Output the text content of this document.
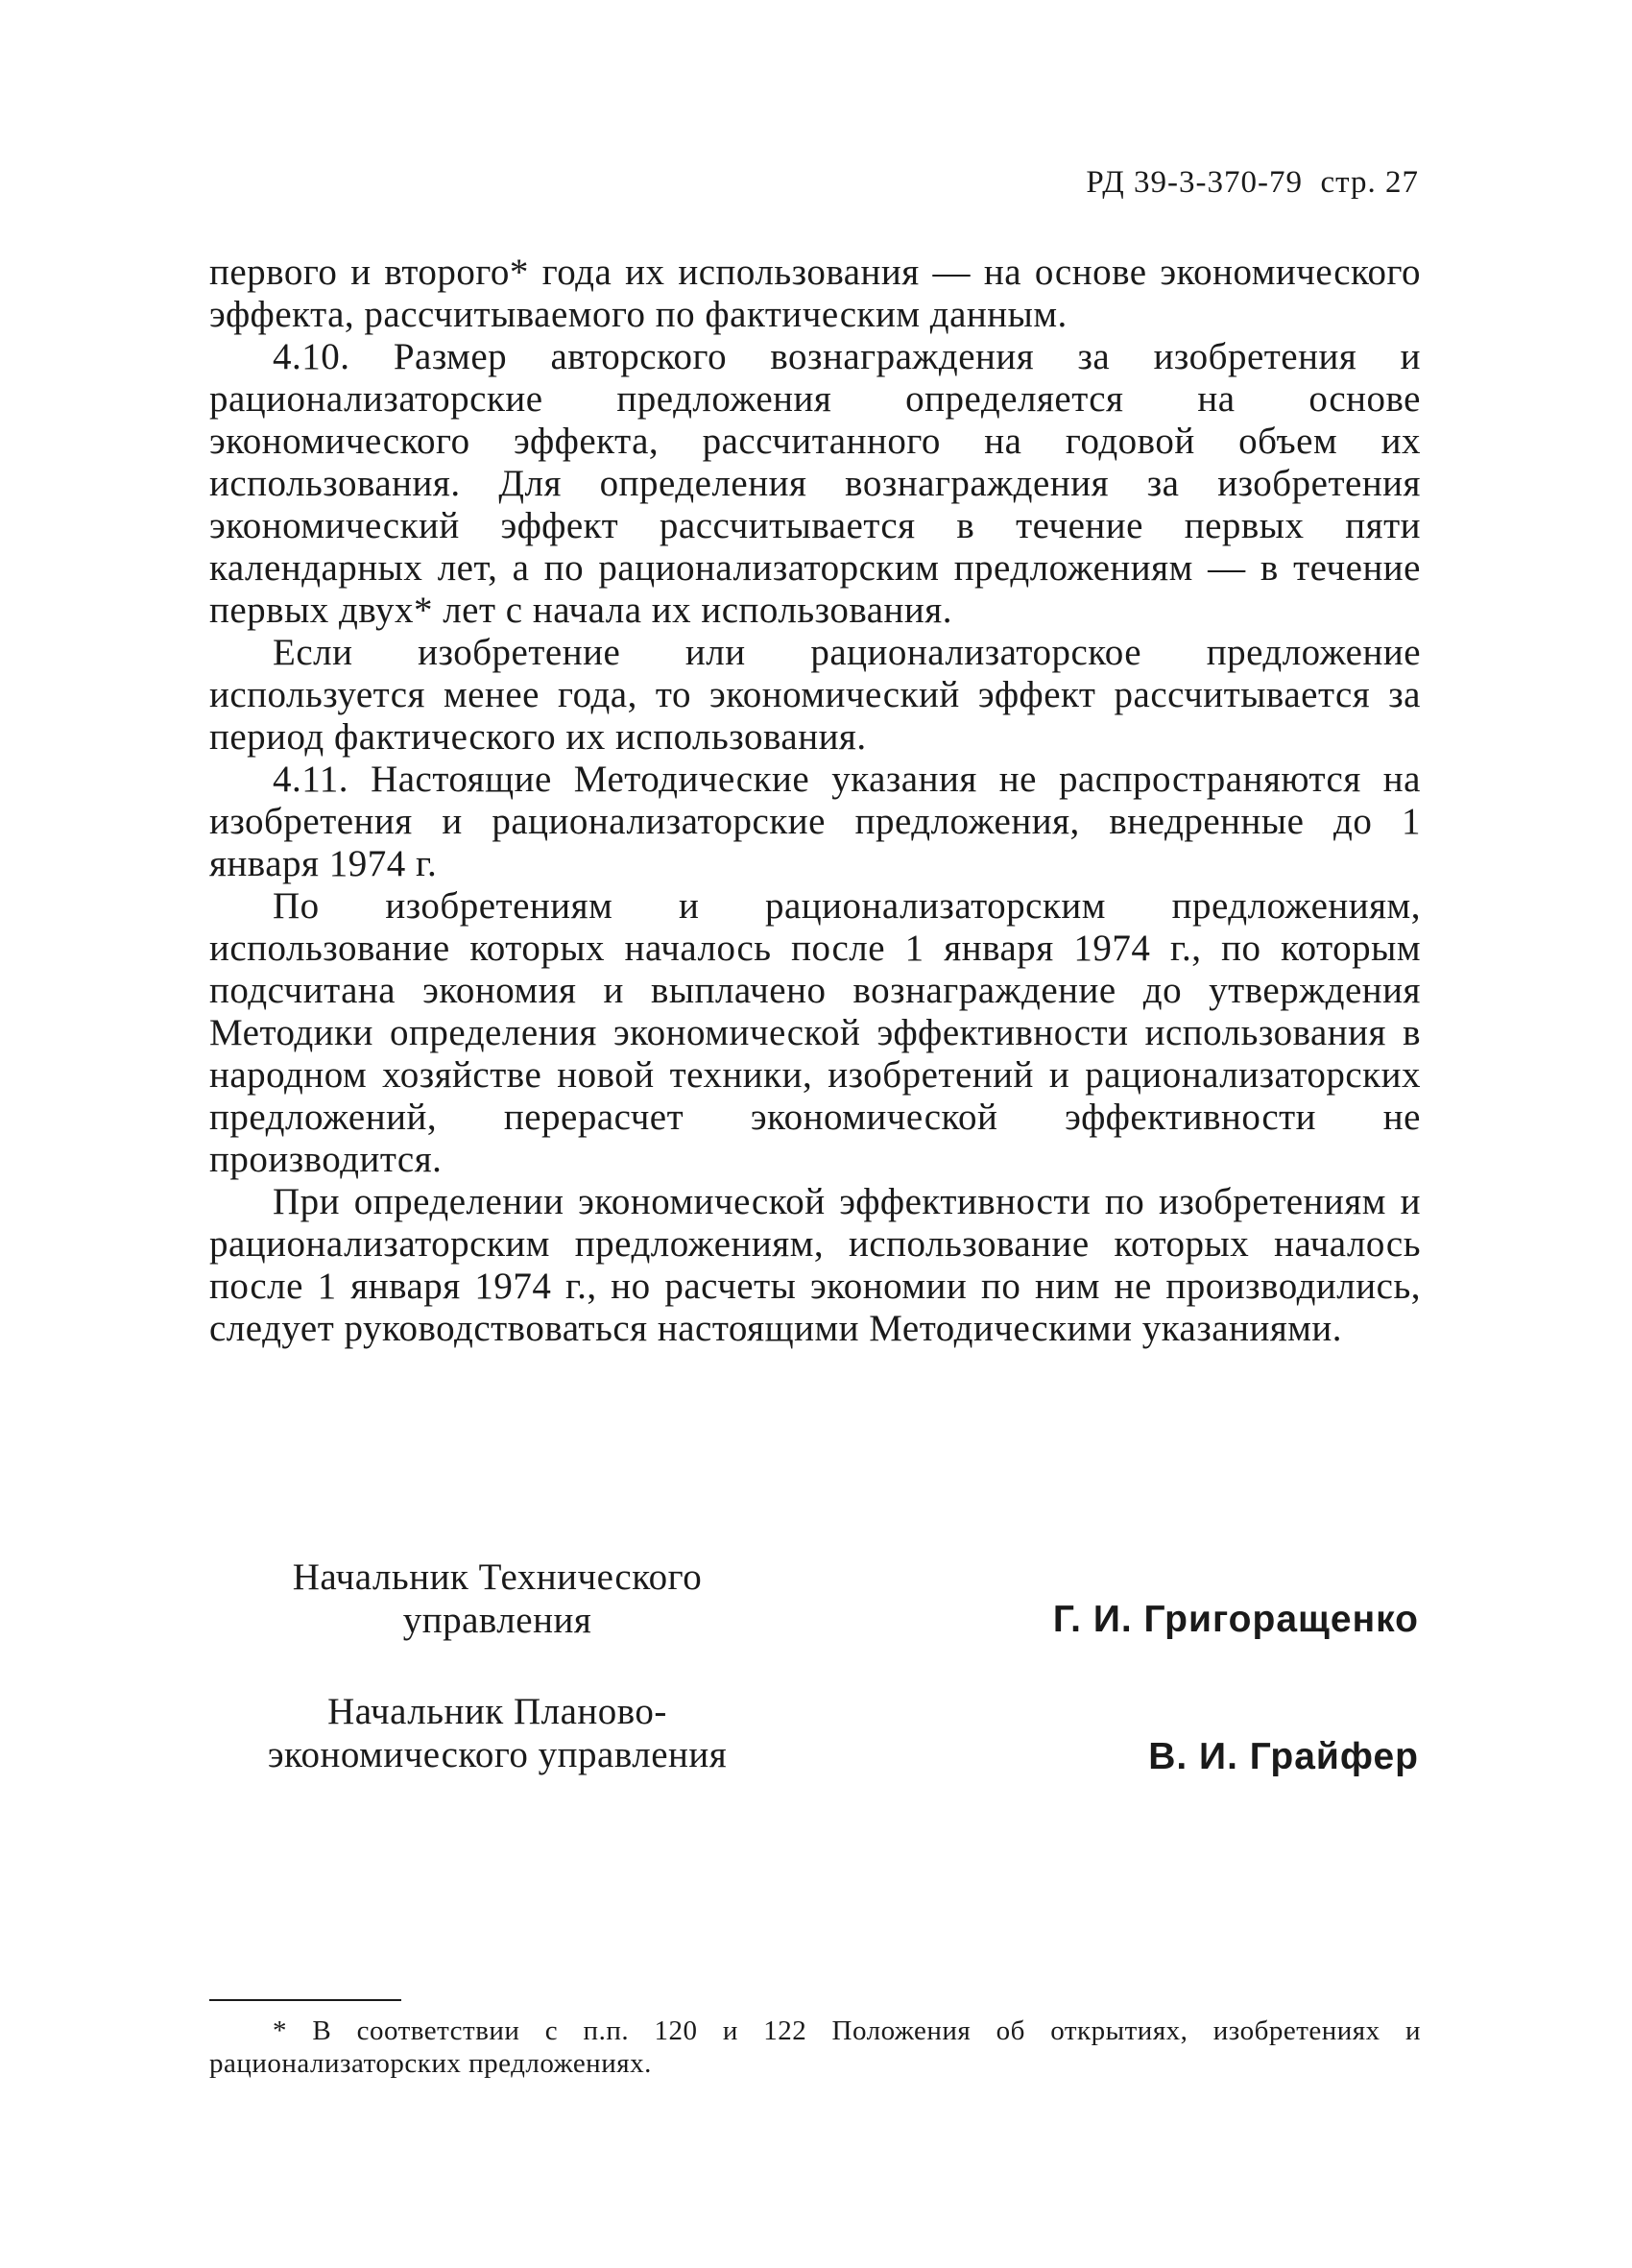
РД 39-3-370-79 стр. 27

первого и второго* года их использования — на основе экономического эффекта, рассчитываемого по фактическим данным.

4.10. Размер авторского вознаграждения за изобретения и рационализаторские предложения определяется на основе экономического эффекта, рассчитанного на годовой объем их использования. Для определения вознаграждения за изобретения экономический эффект рассчитывается в течение первых пяти календарных лет, а по рационализаторским предложениям — в течение первых двух* лет с начала их использования.

Если изобретение или рационализаторское предложение используется менее года, то экономический эффект рассчитывается за период фактического их использования.

4.11. Настоящие Методические указания не распространяются на изобретения и рационализаторские предложения, внедренные до 1 января 1974 г.

По изобретениям и рационализаторским предложениям, использование которых началось после 1 января 1974 г., по которым подсчитана экономия и выплачено вознаграждение до утверждения Методики определения экономической эффективности использования в народном хозяйстве новой техники, изобретений и рационализаторских предложений, перерасчет экономической эффективности не производится.

При определении экономической эффективности по изобретениям и рационализаторским предложениям, использование которых началось после 1 января 1974 г., но расчеты экономии по ним не производились, следует руководствоваться настоящими Методическими указаниями.

Начальник Технического
управления	Г. И. Григоращенко
Начальник Планово-
экономического управления	В. И. Грайфер
* В соответствии с п.п. 120 и 122 Положения об открытиях, изобретениях и рационализаторских предложениях.
